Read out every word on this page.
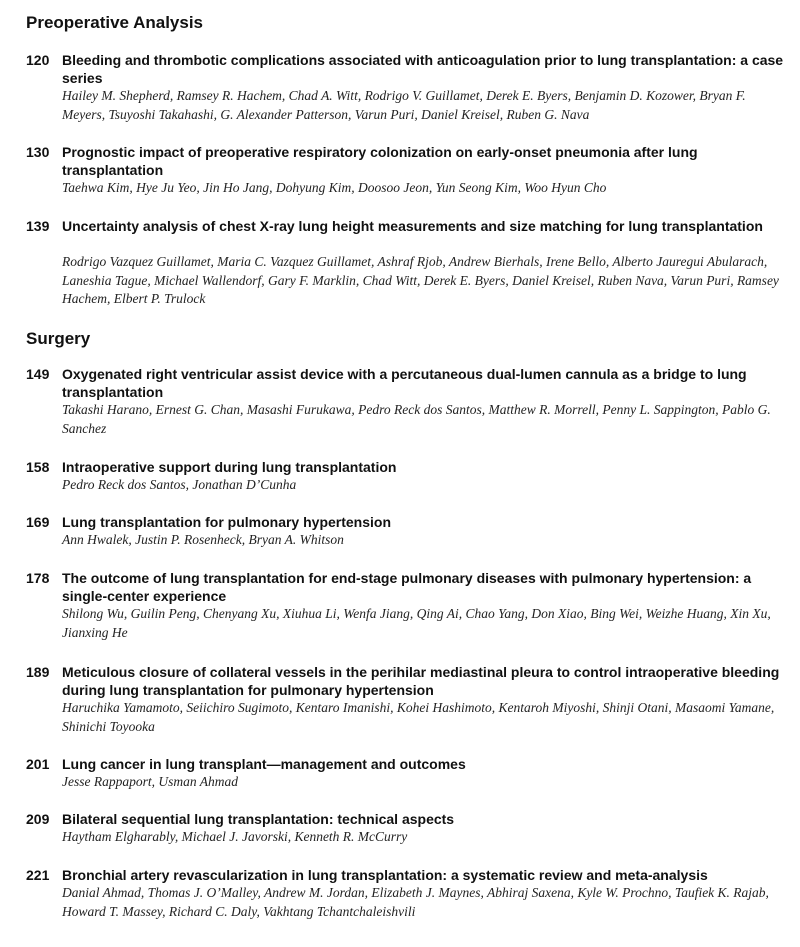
Preoperative Analysis
120 Bleeding and thrombotic complications associated with anticoagulation prior to lung transplantation: a case series

Hailey M. Shepherd, Ramsey R. Hachem, Chad A. Witt, Rodrigo V. Guillamet, Derek E. Byers, Benjamin D. Kozower, Bryan F. Meyers, Tsuyoshi Takahashi, G. Alexander Patterson, Varun Puri, Daniel Kreisel, Ruben G. Nava
130 Prognostic impact of preoperative respiratory colonization on early-onset pneumonia after lung transplantation

Taehwa Kim, Hye Ju Yeo, Jin Ho Jang, Dohyung Kim, Doosoo Jeon, Yun Seong Kim, Woo Hyun Cho
139 Uncertainty analysis of chest X-ray lung height measurements and size matching for lung transplantation

Rodrigo Vazquez Guillamet, Maria C. Vazquez Guillamet, Ashraf Rjob, Andrew Bierhals, Irene Bello, Alberto Jauregui Abularach, Laneshia Tague, Michael Wallendorf, Gary F. Marklin, Chad Witt, Derek E. Byers, Daniel Kreisel, Ruben Nava, Varun Puri, Ramsey Hachem, Elbert P. Trulock
Surgery
149 Oxygenated right ventricular assist device with a percutaneous dual-lumen cannula as a bridge to lung transplantation

Takashi Harano, Ernest G. Chan, Masashi Furukawa, Pedro Reck dos Santos, Matthew R. Morrell, Penny L. Sappington, Pablo G. Sanchez
158 Intraoperative support during lung transplantation

Pedro Reck dos Santos, Jonathan D’Cunha
169 Lung transplantation for pulmonary hypertension

Ann Hwalek, Justin P. Rosenheck, Bryan A. Whitson
178 The outcome of lung transplantation for end-stage pulmonary diseases with pulmonary hypertension: a single-center experience

Shilong Wu, Guilin Peng, Chenyang Xu, Xiuhua Li, Wenfa Jiang, Qing Ai, Chao Yang, Don Xiao, Bing Wei, Weizhe Huang, Xin Xu, Jianxing He
189 Meticulous closure of collateral vessels in the perihilar mediastinal pleura to control intraoperative bleeding during lung transplantation for pulmonary hypertension

Haruchika Yamamoto, Seiichiro Sugimoto, Kentaro Imanishi, Kohei Hashimoto, Kentaroh Miyoshi, Shinji Otani, Masaomi Yamane, Shinichi Toyooka
201 Lung cancer in lung transplant—management and outcomes

Jesse Rappaport, Usman Ahmad
209 Bilateral sequential lung transplantation: technical aspects

Haytham Elgharably, Michael J. Javorski, Kenneth R. McCurry
221 Bronchial artery revascularization in lung transplantation: a systematic review and meta-analysis

Danial Ahmad, Thomas J. O’Malley, Andrew M. Jordan, Elizabeth J. Maynes, Abhiraj Saxena, Kyle W. Prochno, Taufiek K. Rajab, Howard T. Massey, Richard C. Daly, Vakhtang Tchantchaleishvili
